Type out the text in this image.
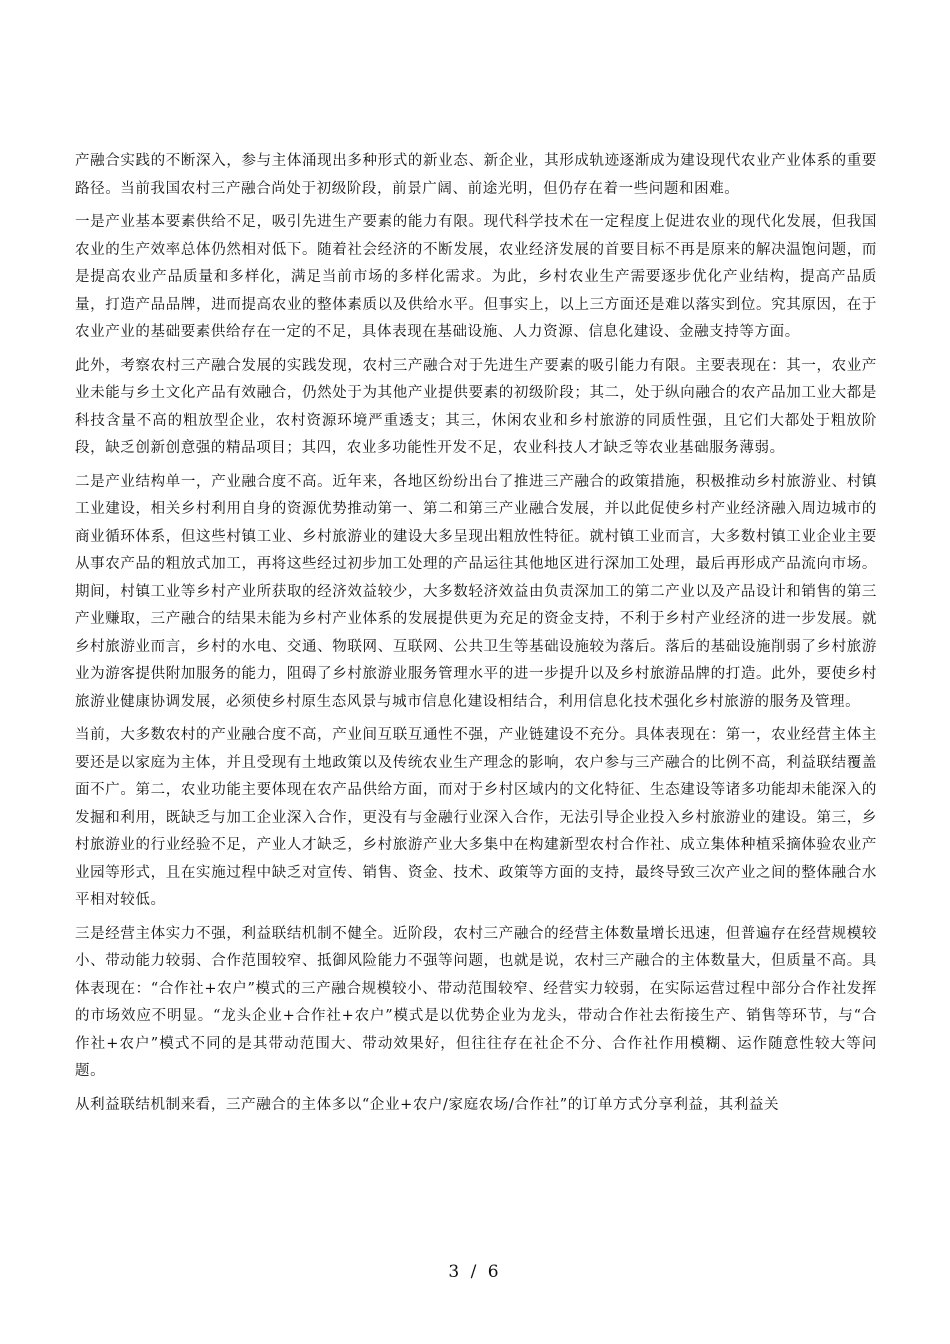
产融合实践的不断深入，参与主体涌现出多种形式的新业态、新企业，其形成轨迹逐渐成为建设现代农业产业体系的重要路径。当前我国农村三产融合尚处于初级阶段，前景广阔、前途光明，但仍存在着一些问题和困难。

一是产业基本要素供给不足，吸引先进生产要素的能力有限。现代科学技术在一定程度上促进农业的现代化发展，但我国农业的生产效率总体仍然相对低下。随着社会经济的不断发展，农业经济发展的首要目标不再是原来的解决温饱问题，而是提高农业产品质量和多样化，满足当前市场的多样化需求。为此，乡村农业生产需要逐步优化产业结构，提高产品质量，打造产品品牌，进而提高农业的整体素质以及供给水平。但事实上，以上三方面还是难以落实到位。究其原因，在于农业产业的基础要素供给存在一定的不足，具体表现在基础设施、人力资源、信息化建设、金融支持等方面。

此外，考察农村三产融合发展的实践发现，农村三产融合对于先进生产要素的吸引能力有限。主要表现在：其一，农业产业未能与乡土文化产品有效融合，仍然处于为其他产业提供要素的初级阶段；其二，处于纵向融合的农产品加工业大都是科技含量不高的粗放型企业，农村资源环境严重透支；其三，休闲农业和乡村旅游的同质性强，且它们大都处于粗放阶段，缺乏创新创意强的精品项目；其四，农业多功能性开发不足，农业科技人才缺乏等农业基础服务薄弱。

二是产业结构单一，产业融合度不高。近年来，各地区纷纷出台了推进三产融合的政策措施，积极推动乡村旅游业、村镇工业建设，相关乡村利用自身的资源优势推动第一、第二和第三产业融合发展，并以此促使乡村产业经济融入周边城市的商业循环体系，但这些村镇工业、乡村旅游业的建设大多呈现出粗放性特征。就村镇工业而言，大多数村镇工业企业主要从事农产品的粗放式加工，再将这些经过初步加工处理的产品运往其他地区进行深加工处理，最后再形成产品流向市场。期间，村镇工业等乡村产业所获取的经济效益较少，大多数轻济效益由负责深加工的第二产业以及产品设计和销售的第三产业赚取，三产融合的结果未能为乡村产业体系的发展提供更为充足的资金支持，不利于乡村产业经济的进一步发展。就乡村旅游业而言，乡村的水电、交通、物联网、互联网、公共卫生等基础设施较为落后。落后的基础设施削弱了乡村旅游业为游客提供附加服务的能力，阻碍了乡村旅游业服务管理水平的进一步提升以及乡村旅游品牌的打造。此外，要使乡村旅游业健康协调发展，必须使乡村原生态风景与城市信息化建设相结合，利用信息化技术强化乡村旅游的服务及管理。

当前，大多数农村的产业融合度不高，产业间互联互通性不强，产业链建设不充分。具体表现在：第一，农业经营主体主要还是以家庭为主体，并且受现有土地政策以及传统农业生产理念的影响，农户参与三产融合的比例不高，利益联结覆盖面不广。第二，农业功能主要体现在农产品供给方面，而对于乡村区域内的文化特征、生态建设等诸多功能却未能深入的发掘和利用，既缺乏与加工企业深入合作，更没有与金融行业深入合作，无法引导企业投入乡村旅游业的建设。第三，乡村旅游业的行业经验不足，产业人才缺乏，乡村旅游产业大多集中在构建新型农村合作社、成立集体种植采摘体验农业产业园等形式，且在实施过程中缺乏对宣传、销售、资金、技术、政策等方面的支持，最终导致三次产业之间的整体融合水平相对较低。

三是经营主体实力不强，利益联结机制不健全。近阶段，农村三产融合的经营主体数量增长迅速，但普遍存在经营规模较小、带动能力较弱、合作范围较窄、抵御风险能力不强等问题，也就是说，农村三产融合的主体数量大，但质量不高。具体表现在：“合作社+农户”模式的三产融合规模较小、带动范围较窄、经营实力较弱，在实际运营过程中部分合作社发挥的市场效应不明显。“龙头企业+合作社+农户”模式是以优势企业为龙头，带动合作社去衔接生产、销售等环节，与“合作社+农户”模式不同的是其带动范围大、带动效果好，但往往存在社企不分、合作社作用模糊、运作随意性较大等问题。

从利益联结机制来看，三产融合的主体多以“企业+农户/家庭农场/合作社”的订单方式分享利益，其利益关

3 / 6
